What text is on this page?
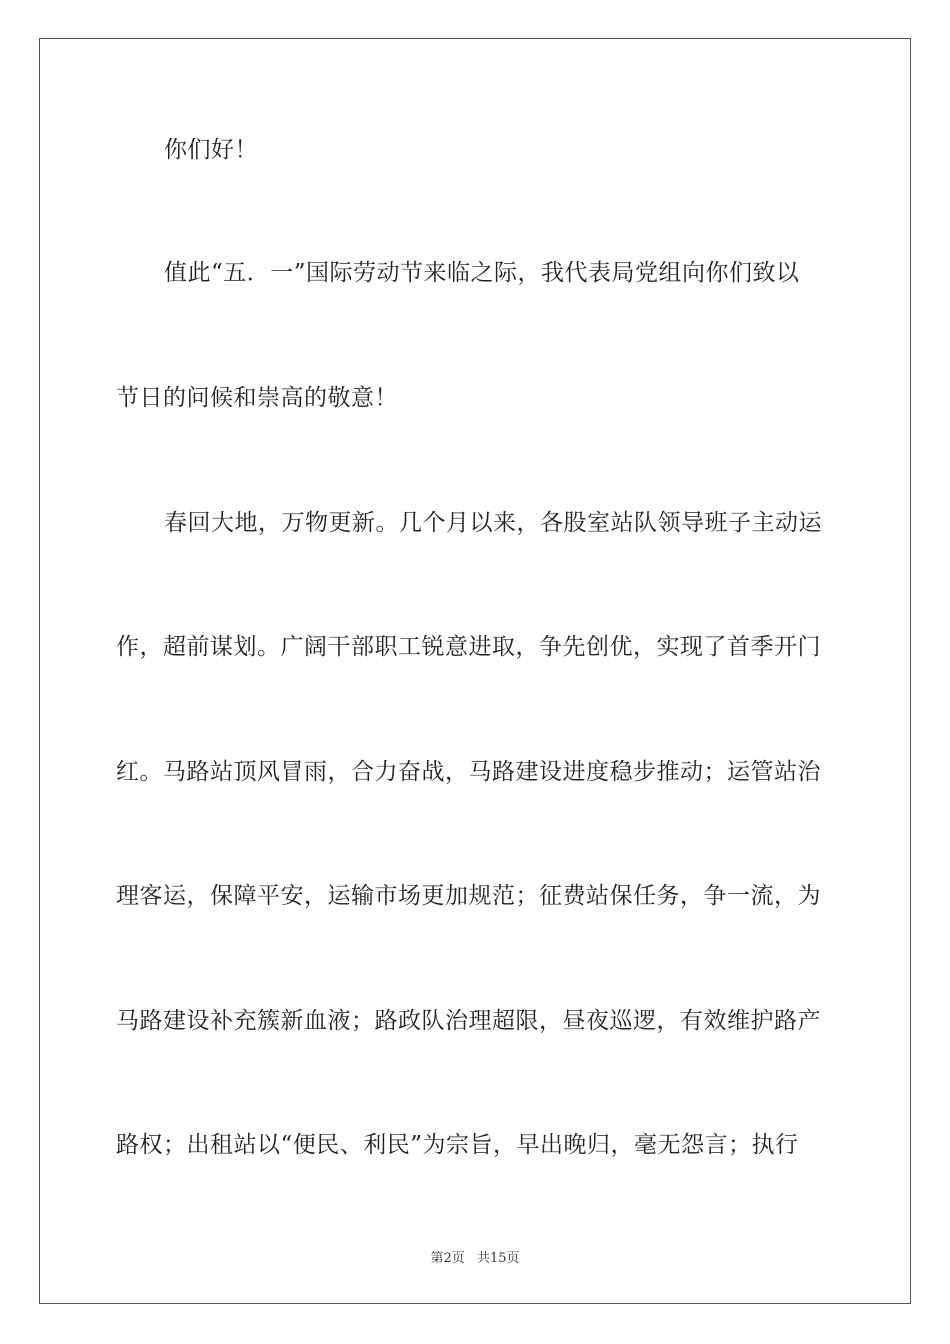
你们好！
值此“五．一”国际劳动节来临之际，我代表局党组向你们致以
节日的问候和崇高的敬意！
春回大地，万物更新。几个月以来，各股室站队领导班子主动运
作，超前谋划。广阔干部职工锐意进取，争先创优，实现了首季开门
红。马路站顶风冒雨，合力奋战，马路建设进度稳步推动；运管站治
理客运，保障平安，运输市场更加规范；征费站保任务，争一流，为
马路建设补充簇新血液；路政队治理超限，昼夜巡逻，有效维护路产
路权；出租站以“便民、利民”为宗旨，早出晚归，毫无怨言；执行
第2页 共15页
